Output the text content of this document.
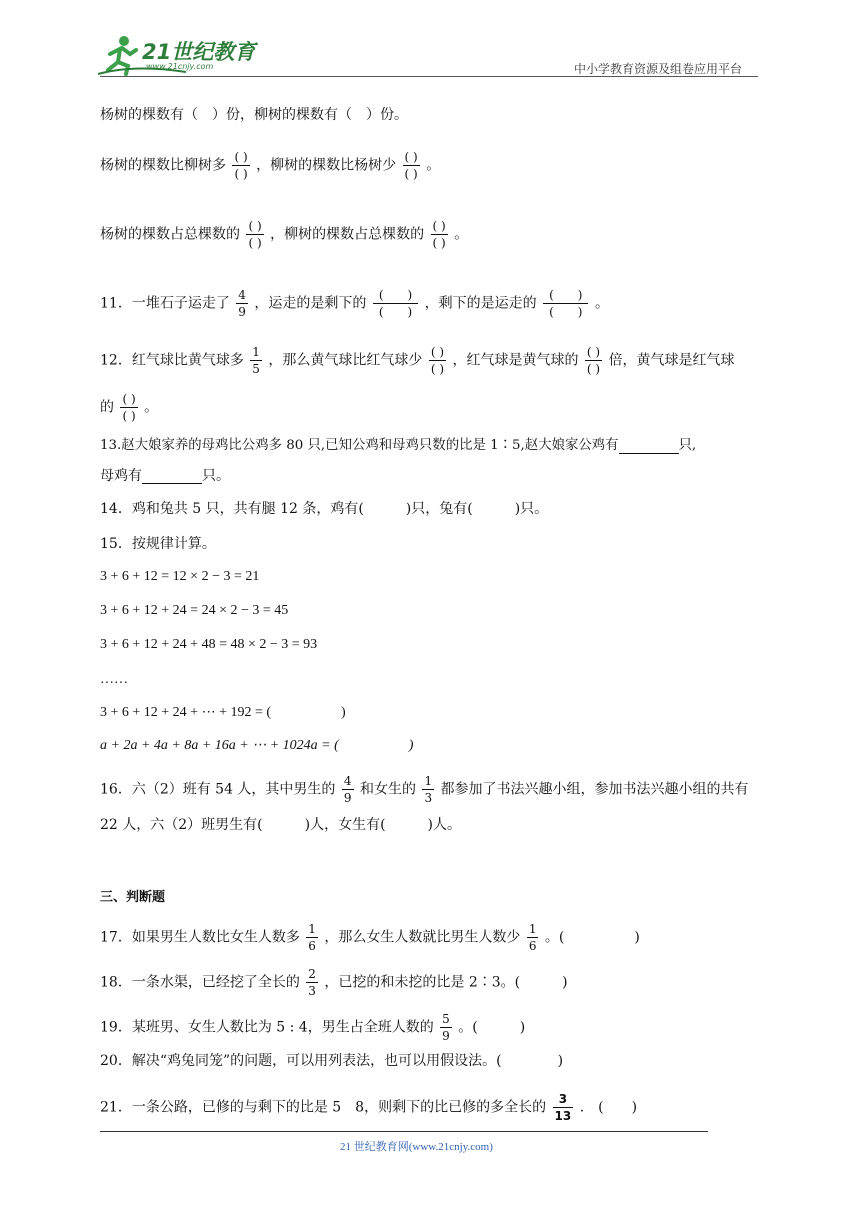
21世纪教育
www.21cnjy.com	中小学教育资源及组卷应用平台
杨树的棵数有（　）份，柳树的棵数有（　）份。
杨树的棵数比柳树多 $\frac{( )}{( )}$ ，柳树的棵数比杨树少 $\frac{( )}{( )}$ 。
杨树的棵数占总棵数的 $\frac{( )}{( )}$ ，柳树的棵数占总棵数的 $\frac{( )}{( )}$ 。
11．一堆石子运走了 $\frac{4}{9}$ ，运走的是剩下的 $\frac{( )}{( )}$ ，剩下的是运走的 $\frac{( )}{( )}$ 。
12．红气球比黄气球多 $\frac{1}{5}$ ，那么黄气球比红气球少 $\frac{( )}{( )}$ ，红气球是黄气球的 $\frac{( )}{( )}$ 倍，黄气球是红气球
的 $\frac{( )}{( )}$ 。
13.赵大娘家养的母鸡比公鸡多 80 只,已知公鸡和母鸡只数的比是 1∶5,赵大娘家公鸡有	只,
母鸡有	只。
14．鸡和兔共 5 只，共有腿 12 条，鸡有(　　　)只，兔有(　　　)只。
15．按规律计算。
3 + 6 + 12 = 12 × 2 − 3 = 21
3 + 6 + 12 + 24 = 24 × 2 − 3 = 45
3 + 6 + 12 + 24 + 48 = 48 × 2 − 3 = 93
……
3 + 6 + 12 + 24 + ⋯ + 192 = (　　　　　)
a + 2a + 4a + 8a + 16a + ⋯ + 1024a = (　　　　　)
16．六（2）班有 54 人，其中男生的 $\frac{4}{9}$ 和女生的 $\frac{1}{3}$ 都参加了书法兴趣小组，参加书法兴趣小组的共有
22 人，六（2）班男生有(　　　)人，女生有(　　　)人。
三、判断题
17．如果男生人数比女生人数多 $\frac{1}{6}$ ，那么女生人数就比男生人数少 $\frac{1}{6}$ 。(　　　　　)
18．一条水渠，已经挖了全长的 $\frac{2}{3}$ ，已挖的和未挖的比是 2∶3。(　　　)
19．某班男、女生人数比为 5 : 4，男生占全班人数的 $\frac{5}{9}$ 。(　　　)
20．解决“鸡兔同笼”的问题，可以用列表法，也可以用假设法。(　　　　)
21．一条公路，已修的与剩下的比是 5　8，则剩下的比已修的多全长的 $\frac{3}{13}$ .　(　　)
21 世纪教育网(www.21cnjy.com)
